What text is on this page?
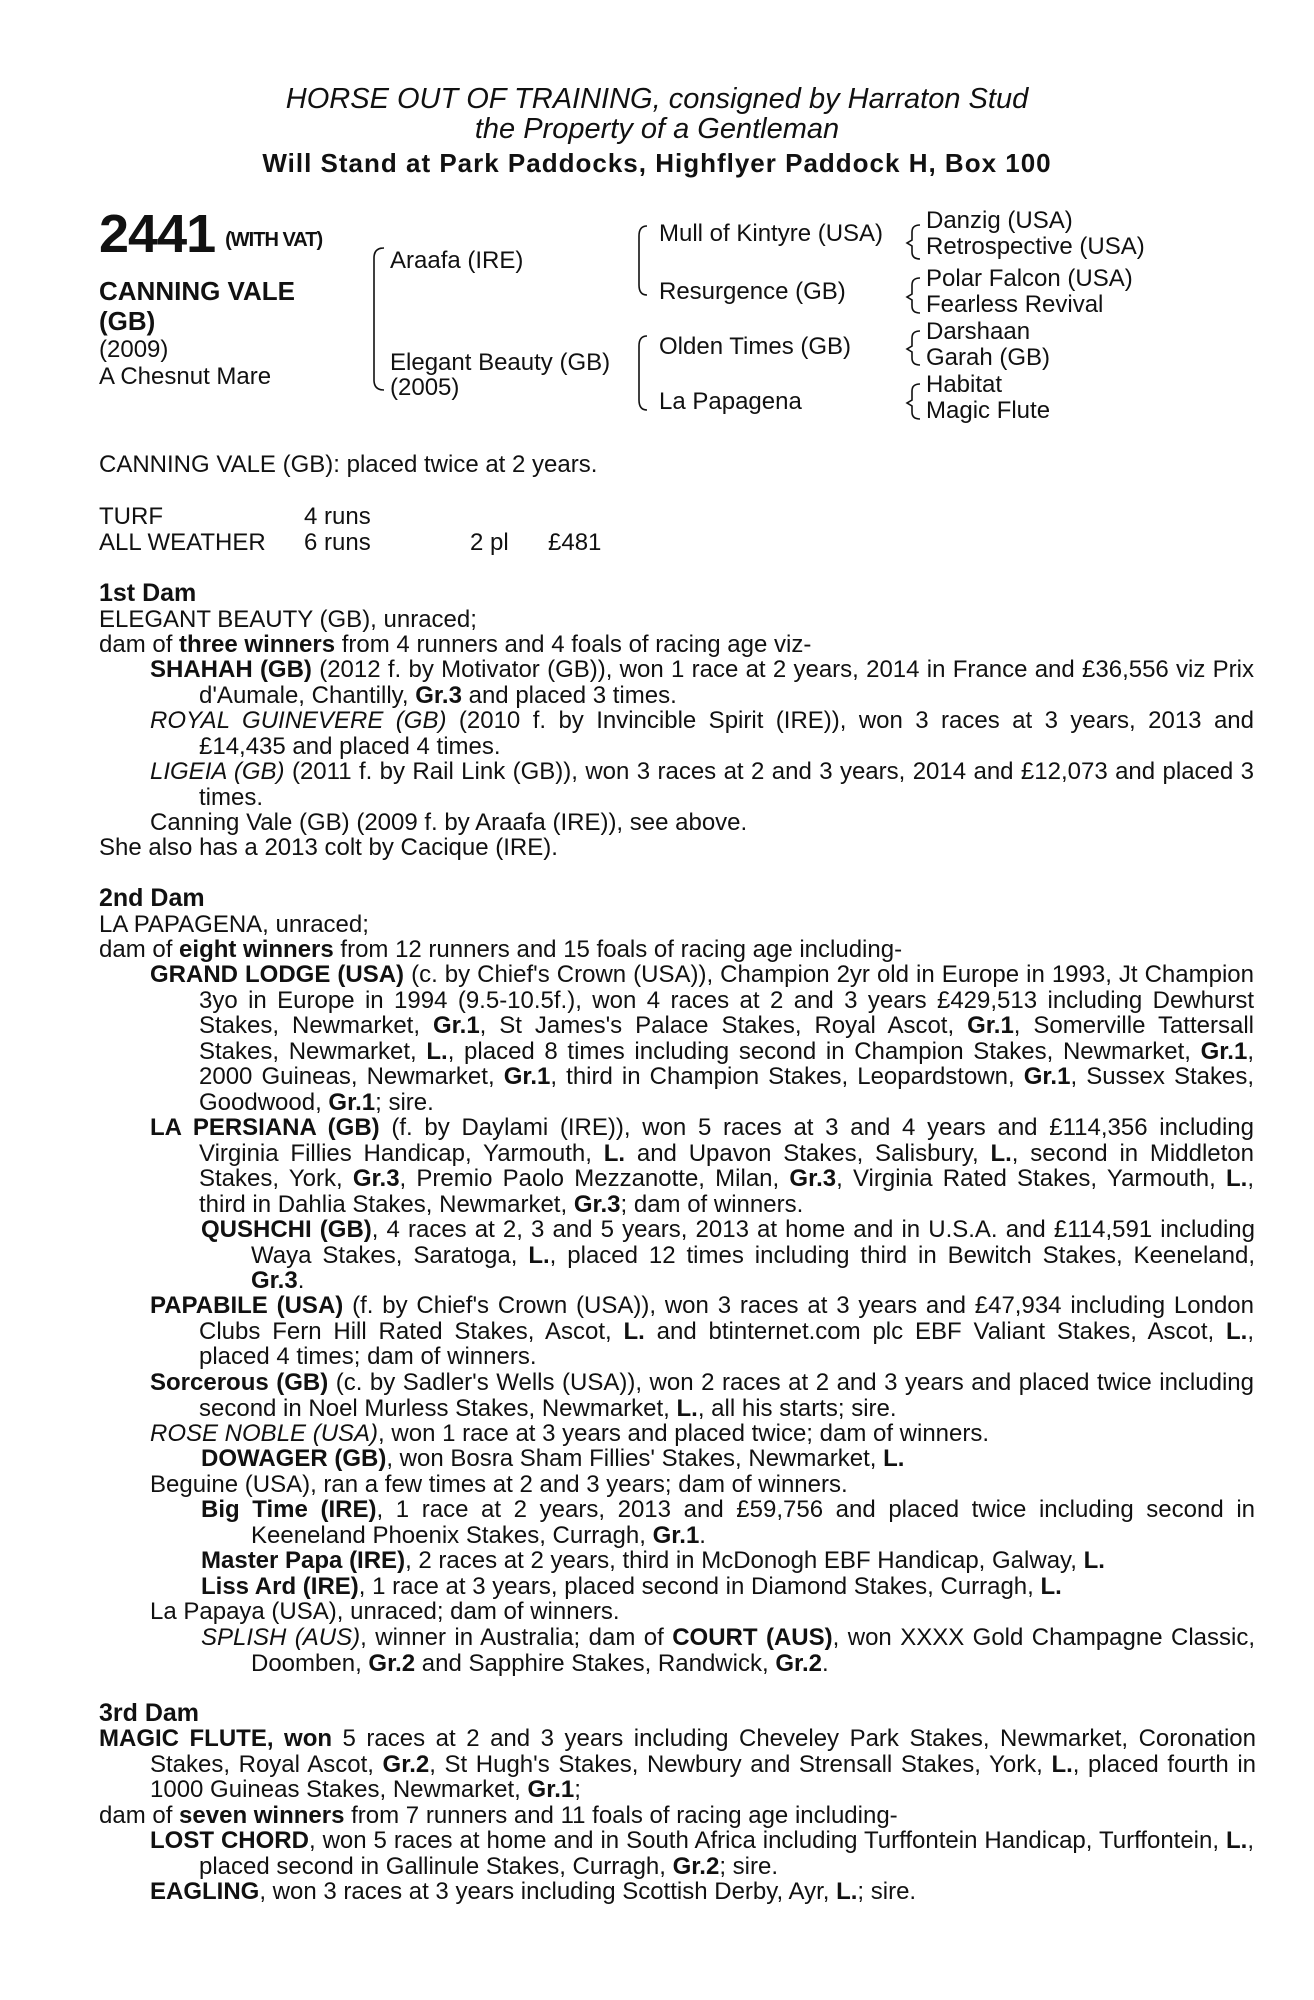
HORSE OUT OF TRAINING, consigned by Harraton Stud
the Property of a Gentleman
Will Stand at Park Paddocks, Highflyer Paddock H, Box 100
2441 (WITH VAT)
CANNING VALE
(GB)
(2009)
A Chesnut Mare
Araafa (IRE)
Elegant Beauty (GB)
(2005)
Mull of Kintyre (USA)
Resurgence (GB)
Olden Times (GB)
La Papagena
Danzig (USA)
Retrospective (USA)
Polar Falcon (USA)
Fearless Revival
Darshaan
Garah (GB)
Habitat
Magic Flute
CANNING VALE (GB): placed twice at 2 years.
TURF	4 runs
ALL WEATHER 6 runs	2 pl £481
1st Dam
ELEGANT BEAUTY (GB), unraced;
dam of three winners from 4 runners and 4 foals of racing age viz-
SHAHAH (GB) (2012 f. by Motivator (GB)), won 1 race at 2 years, 2014 in France and £36,556 viz Prix d'Aumale, Chantilly, Gr.3 and placed 3 times.
ROYAL GUINEVERE (GB) (2010 f. by Invincible Spirit (IRE)), won 3 races at 3 years, 2013 and £14,435 and placed 4 times.
LIGEIA (GB) (2011 f. by Rail Link (GB)), won 3 races at 2 and 3 years, 2014 and £12,073 and placed 3 times.
Canning Vale (GB) (2009 f. by Araafa (IRE)), see above.
She also has a 2013 colt by Cacique (IRE).
2nd Dam
LA PAPAGENA, unraced;
dam of eight winners from 12 runners and 15 foals of racing age including-
GRAND LODGE (USA) (c. by Chief's Crown (USA)), Champion 2yr old in Europe in 1993, Jt Champion 3yo in Europe in 1994 (9.5-10.5f.), won 4 races at 2 and 3 years £429,513 including Dewhurst Stakes, Newmarket, Gr.1, St James's Palace Stakes, Royal Ascot, Gr.1, Somerville Tattersall Stakes, Newmarket, L., placed 8 times including second in Champion Stakes, Newmarket, Gr.1, 2000 Guineas, Newmarket, Gr.1, third in Champion Stakes, Leopardstown, Gr.1, Sussex Stakes, Goodwood, Gr.1; sire.
LA PERSIANA (GB) (f. by Daylami (IRE)), won 5 races at 3 and 4 years and £114,356 including Virginia Fillies Handicap, Yarmouth, L. and Upavon Stakes, Salisbury, L., second in Middleton Stakes, York, Gr.3, Premio Paolo Mezzanotte, Milan, Gr.3, Virginia Rated Stakes, Yarmouth, L., third in Dahlia Stakes, Newmarket, Gr.3; dam of winners.
QUSHCHI (GB), 4 races at 2, 3 and 5 years, 2013 at home and in U.S.A. and £114,591 including Waya Stakes, Saratoga, L., placed 12 times including third in Bewitch Stakes, Keeneland, Gr.3.
PAPABILE (USA) (f. by Chief's Crown (USA)), won 3 races at 3 years and £47,934 including London Clubs Fern Hill Rated Stakes, Ascot, L. and btinternet.com plc EBF Valiant Stakes, Ascot, L., placed 4 times; dam of winners.
Sorcerous (GB) (c. by Sadler's Wells (USA)), won 2 races at 2 and 3 years and placed twice including second in Noel Murless Stakes, Newmarket, L., all his starts; sire.
ROSE NOBLE (USA), won 1 race at 3 years and placed twice; dam of winners.
DOWAGER (GB), won Bosra Sham Fillies' Stakes, Newmarket, L.
Beguine (USA), ran a few times at 2 and 3 years; dam of winners.
Big Time (IRE), 1 race at 2 years, 2013 and £59,756 and placed twice including second in Keeneland Phoenix Stakes, Curragh, Gr.1.
Master Papa (IRE), 2 races at 2 years, third in McDonogh EBF Handicap, Galway, L.
Liss Ard (IRE), 1 race at 3 years, placed second in Diamond Stakes, Curragh, L.
La Papaya (USA), unraced; dam of winners.
SPLISH (AUS), winner in Australia; dam of COURT (AUS), won XXXX Gold Champagne Classic, Doomben, Gr.2 and Sapphire Stakes, Randwick, Gr.2.
3rd Dam
MAGIC FLUTE, won 5 races at 2 and 3 years including Cheveley Park Stakes, Newmarket, Coronation Stakes, Royal Ascot, Gr.2, St Hugh's Stakes, Newbury and Strensall Stakes, York, L., placed fourth in 1000 Guineas Stakes, Newmarket, Gr.1;
dam of seven winners from 7 runners and 11 foals of racing age including-
LOST CHORD, won 5 races at home and in South Africa including Turffontein Handicap, Turffontein, L., placed second in Gallinule Stakes, Curragh, Gr.2; sire.
EAGLING, won 3 races at 3 years including Scottish Derby, Ayr, L.; sire.
